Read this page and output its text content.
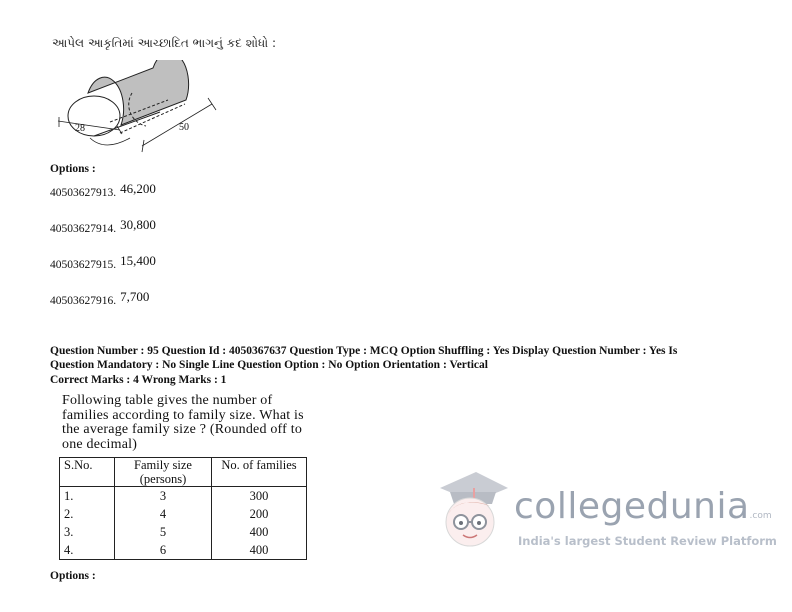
આપેલ આકૃતિમાં આચ્છાદિત ભાગનું કદ શોધો :
28	50
Options :
40503627913. 46,200
40503627914. 30,800
40503627915. 15,400
40503627916. 7,700
Question Number : 95 Question Id : 4050367637 Question Type : MCQ Option Shuffling : Yes Display Question Number : Yes Is
Question Mandatory : No Single Line Question Option : No Option Orientation : Vertical
Correct Marks : 4 Wrong Marks : 1
Following table gives the number of families according to family size. What is the average family size ? (Rounded off to one decimal)
S.No.	Family size (persons)	No. of families
1.	3	300
2.	4	200
3.	5	400
4.	6	400
Options :
collegedunia.com
India's largest Student Review Platform
